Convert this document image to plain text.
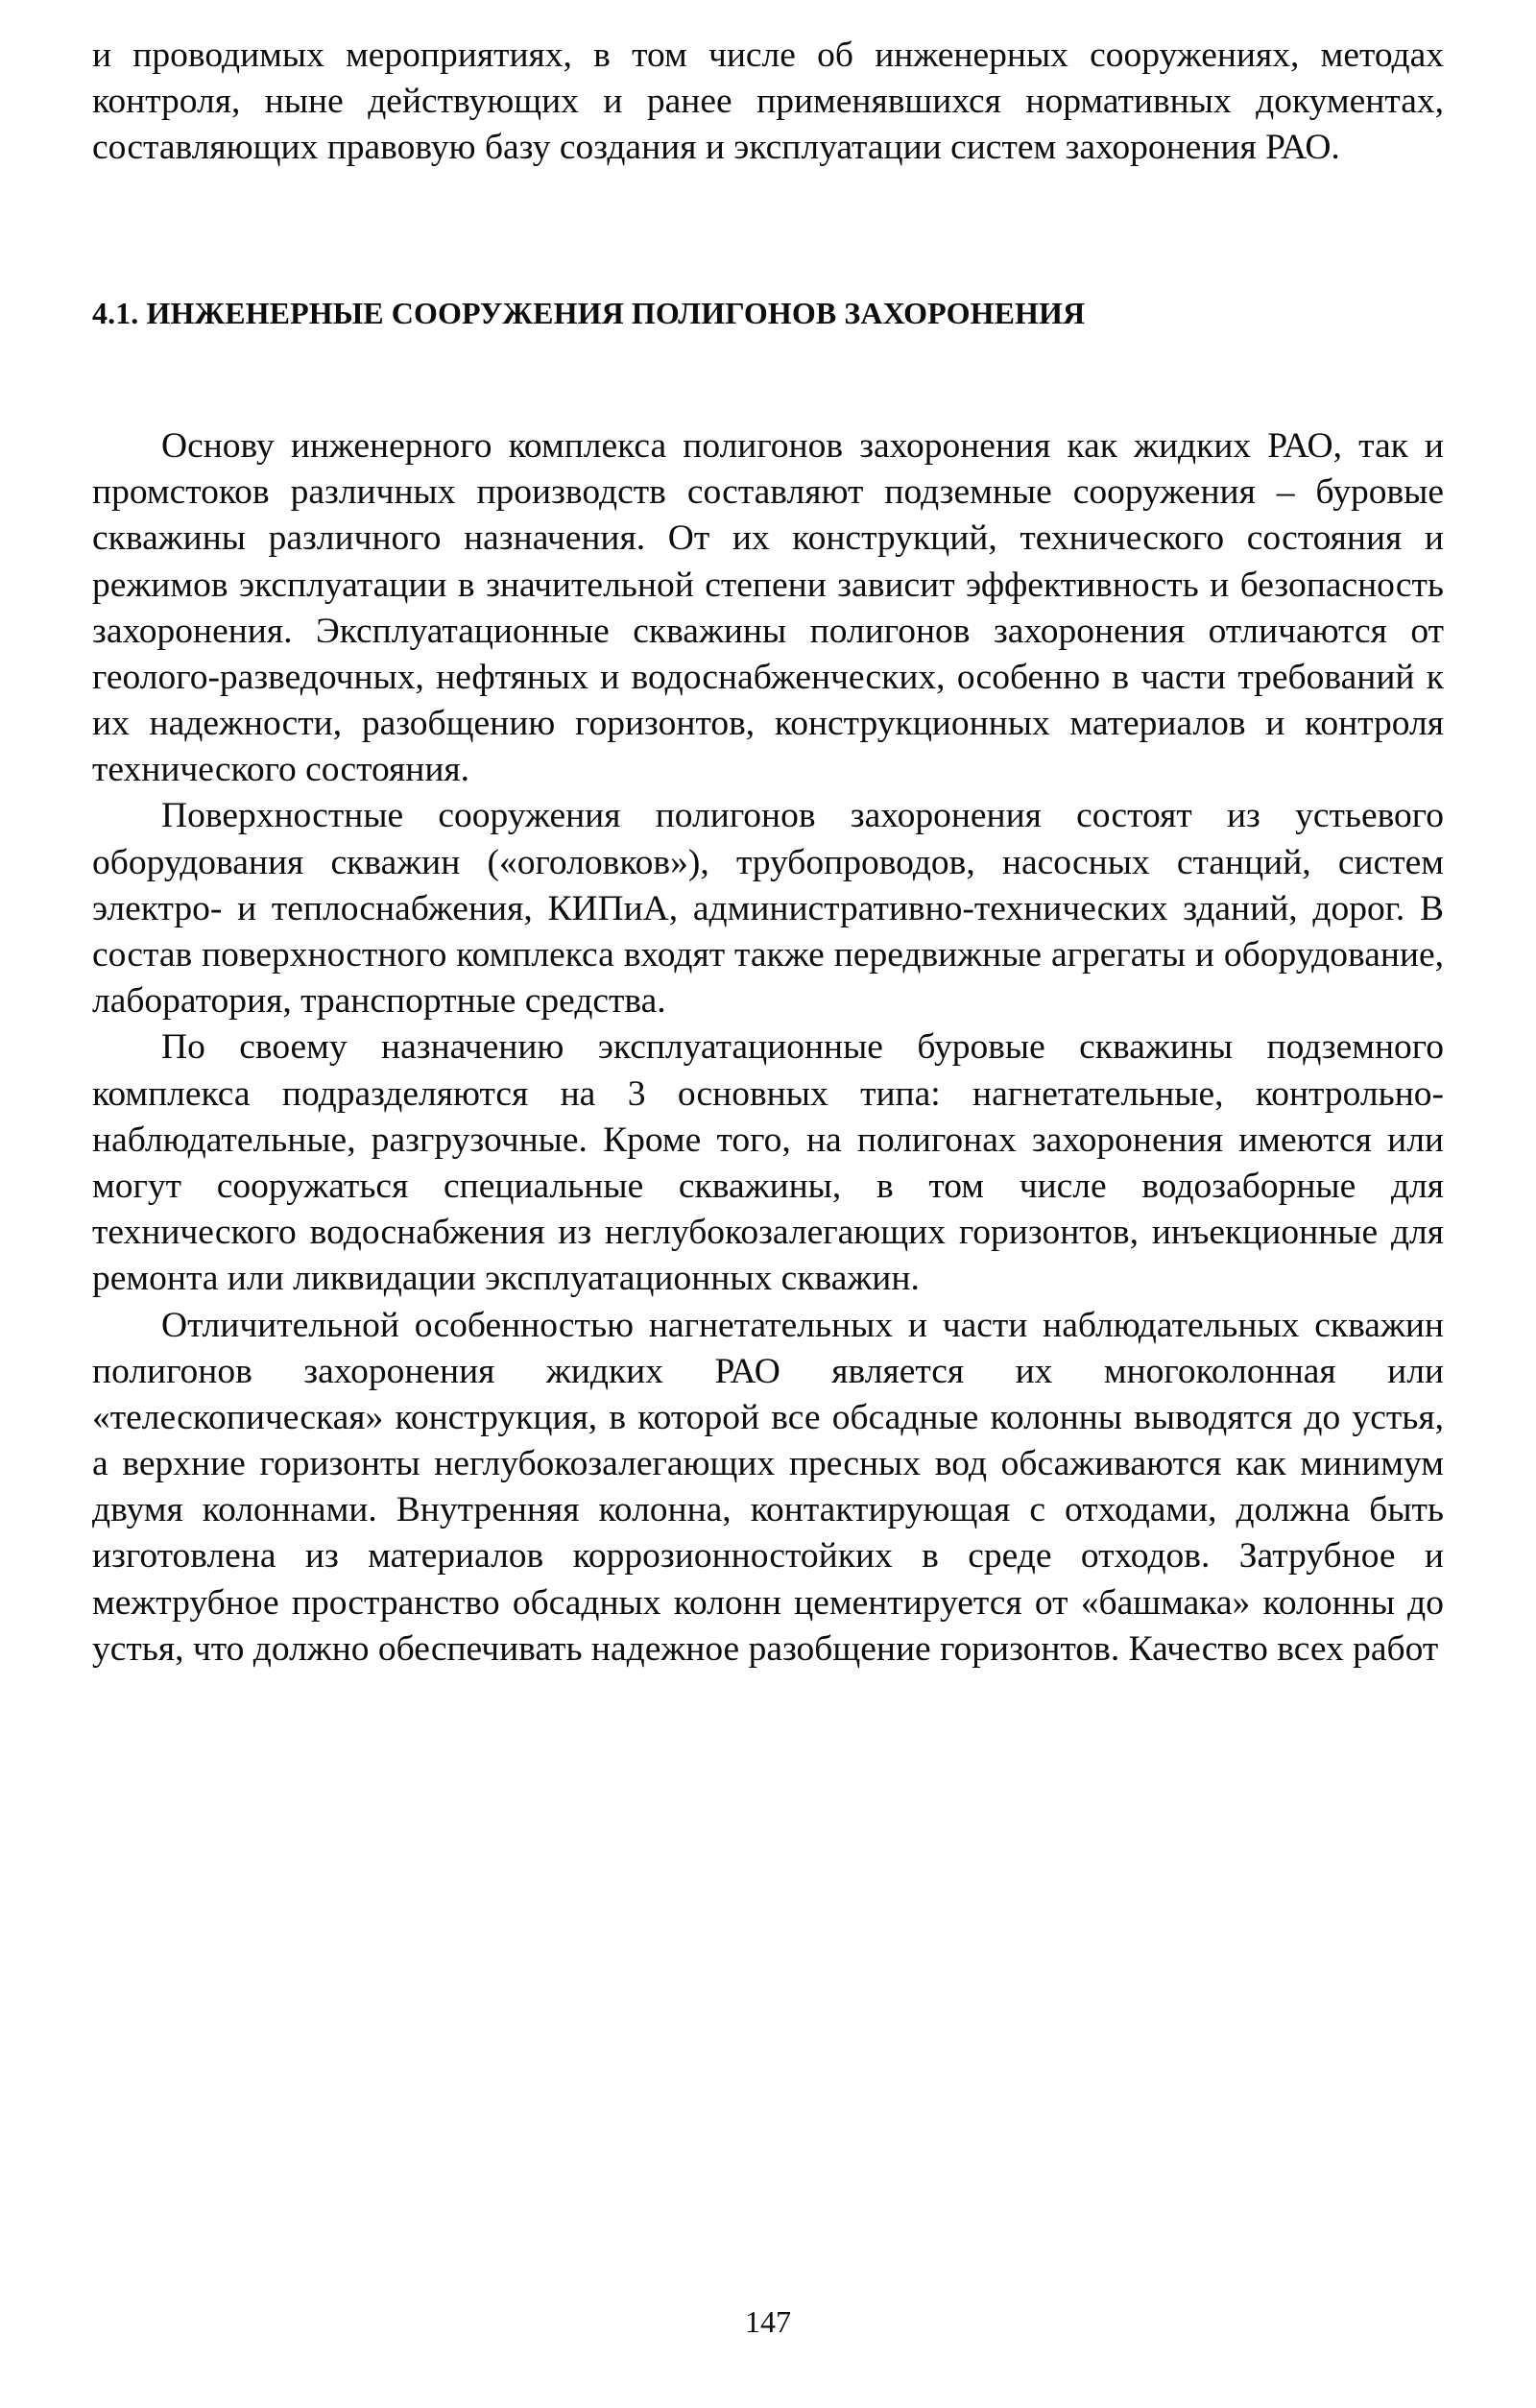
и проводимых мероприятиях, в том числе об инженерных сооружениях, методах контроля, ныне действующих и ранее применявшихся нормативных документах, составляющих правовую базу создания и эксплуатации систем захоронения РАО.

4.1. ИНЖЕНЕРНЫЕ СООРУЖЕНИЯ ПОЛИГОНОВ ЗАХОРОНЕНИЯ

Основу инженерного комплекса полигонов захоронения как жидких РАО, так и промстоков различных производств составляют подземные сооружения – буровые скважины различного назначения. От их конструкций, технического состояния и режимов эксплуатации в значительной степени зависит эффективность и безопасность захоронения. Эксплуатационные скважины полигонов захоронения отличаются от геолого-разведочных, нефтяных и водоснабженческих, особенно в части требований к их надежности, разобщению горизонтов, конструкционных материалов и контроля технического состояния.

Поверхностные сооружения полигонов захоронения состоят из устьевого оборудования скважин («оголовков»), трубопроводов, насосных станций, систем электро- и теплоснабжения, КИПиА, административно-технических зданий, дорог. В состав поверхностного комплекса входят также передвижные агрегаты и оборудование, лаборатория, транспортные средства.

По своему назначению эксплуатационные буровые скважины подземного комплекса подразделяются на 3 основных типа: нагнетательные, контрольно-наблюдательные, разгрузочные. Кроме того, на полигонах захоронения имеются или могут сооружаться специальные скважины, в том числе водозаборные для технического водоснабжения из неглубокозалегающих горизонтов, инъекционные для ремонта или ликвидации эксплуатационных скважин.

Отличительной особенностью нагнетательных и части наблюдательных скважин полигонов захоронения жидких РАО является их многоколонная или «телескопическая» конструкция, в которой все обсадные колонны выводятся до устья, а верхние горизонты неглубокозалегающих пресных вод обсаживаются как минимум двумя колоннами. Внутренняя колонна, контактирующая с отходами, должна быть изготовлена из материалов коррозионностойких в среде отходов. Затрубное и межтрубное пространство обсадных колонн цементируется от «башмака» колонны до устья, что должно обеспечивать надежное разобщение горизонтов. Качество всех работ

147
